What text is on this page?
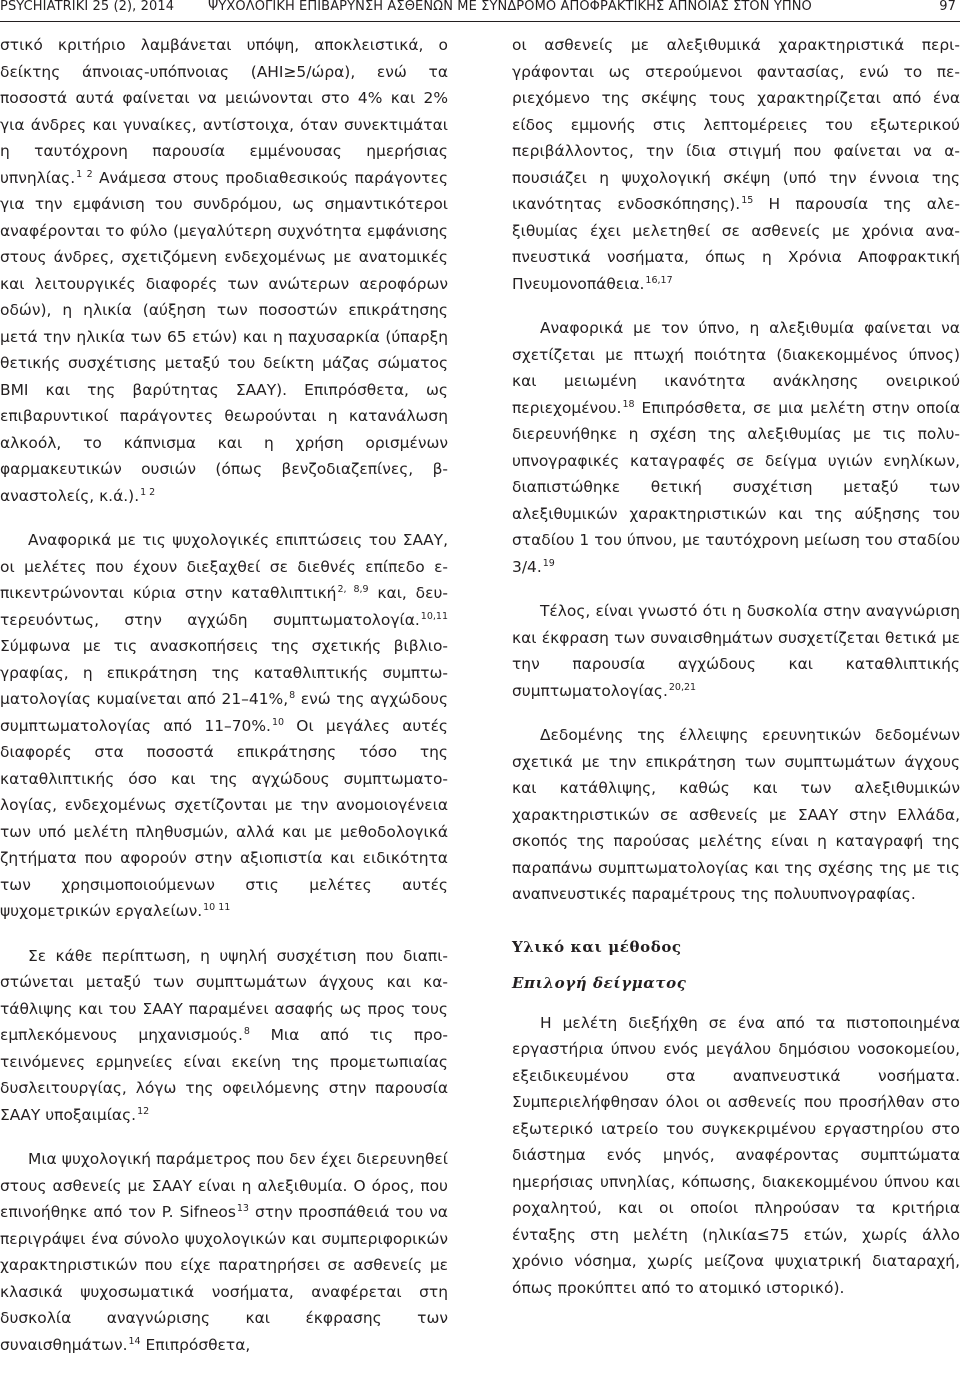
PSYCHIATRIKI 25 (2), 2014	ΨΥΧΟΛΟΓΙΚΗ ΕΠΙΒΑΡΥΝΣΗ ΑΣΘΕΝΩΝ ΜΕ ΣΥΝΔΡΟΜΟ ΑΠΟΦΡΑΚΤΙΚΗΣ ΑΠΝΟΙΑΣ ΣΤΟΝ ΥΠΝΟ	97

στικό κριτήριο λαμβάνεται υπόψη, αποκλειστικά, ο δείκτης άπνοιας-υπόπνοιας (AHI≥5/ώρα), ενώ τα ποσοστά αυτά φαίνεται να μειώνονται στο 4% και 2% για άνδρες και γυναίκες, αντίστοιχα, όταν συνεκτιμάται η ταυτόχρονη παρουσία εμμένουσας ημερήσιας υπνηλίας.$^{1 2}$ Ανάμεσα στους προδιαθεσικούς παράγοντες για την εμφάνιση του συνδρόμου, ως σημαντικότεροι αναφέρονται το φύλο (μεγαλύτερη συχνότητα εμφάνισης στους άνδρες, σχετιζόμενη ενδεχομένως με ανατομικές και λειτουργικές διαφορές των ανώτερων αεροφόρων οδών), η ηλικία (αύξηση των ποσοστών επικράτησης μετά την ηλικία των 65 ετών) και η παχυσαρκία (ύπαρξη θετικής συσχέτισης μεταξύ του δείκτη μάζας σώματος BMI και της βαρύτητας ΣΑΑΥ). Επιπρόσθετα, ως επιβαρυντικοί παράγοντες θεωρούνται η κατανάλωση αλκοόλ, το κάπνισμα και η χρήση ορισμένων φαρμακευτικών ουσιών (όπως βενζοδιαζεπίνες, β-αναστολείς, κ.ά.).$^{1 2}$

Αναφορικά με τις ψυχολογικές επιπτώσεις του ΣΑΑΥ, οι μελέτες που έχουν διεξαχθεί σε διεθνές επίπεδο επικεντρώνονται κύρια στην καταθλιπτική$^{2, 8,9}$ και, δευτερευόντως, στην αγχώδη συμπτωματολογία.$^{10,11}$ Σύμφωνα με τις ανασκοπήσεις της σχετικής βιβλιογραφίας, η επικράτηση της καταθλιπτικής συμπτωματολογίας κυμαίνεται από 21–41%,$^8$ ενώ της αγχώδους συμπτωματολογίας από 11–70%.$^{10}$ Οι μεγάλες αυτές διαφορές στα ποσοστά επικράτησης τόσο της καταθλιπτικής όσο και της αγχώδους συμπτωματολογίας, ενδεχομένως σχετίζονται με την ανομοιογένεια των υπό μελέτη πληθυσμών, αλλά και με μεθοδολογικά ζητήματα που αφορούν στην αξιοπιστία και ειδικότητα των χρησιμοποιούμενων στις μελέτες αυτές ψυχομετρικών εργαλείων.$^{10 11}$

Σε κάθε περίπτωση, η υψηλή συσχέτιση που διαπιστώνεται μεταξύ των συμπτωμάτων άγχους και κατάθλιψης και του ΣΑΑΥ παραμένει ασαφής ως προς τους εμπλεκόμενους μηχανισμούς.$^8$ Μια από τις προτεινόμενες ερμηνείες είναι εκείνη της προμετωπιαίας δυσλειτουργίας, λόγω της οφειλόμενης στην παρουσία ΣΑΑΥ υποξαιμίας.$^{12}$

Μια ψυχολογική παράμετρος που δεν έχει διερευνηθεί στους ασθενείς με ΣΑΑΥ είναι η αλεξιθυμία. Ο όρος, που επινοήθηκε από τον P. Sifneos$^{13}$ στην προσπάθειά του να περιγράψει ένα σύνολο ψυχολογικών και συμπεριφορικών χαρακτηριστικών που είχε παρατηρήσει σε ασθενείς με κλασικά ψυχοσωματικά νοσήματα, αναφέρεται στη δυσκολία αναγνώρισης και έκφρασης των συναισθημάτων.$^{14}$ Επιπρόσθετα,

οι ασθενείς με αλεξιθυμικά χαρακτηριστικά περιγράφονται ως στερούμενοι φαντασίας, ενώ το περιεχόμενο της σκέψης τους χαρακτηρίζεται από ένα είδος εμμονής στις λεπτομέρειες του εξωτερικού περιβάλλοντος, την ίδια στιγμή που φαίνεται να απουσιάζει η ψυχολογική σκέψη (υπό την έννοια της ικανότητας ενδοσκόπησης).$^{15}$ Η παρουσία της αλεξιθυμίας έχει μελετηθεί σε ασθενείς με χρόνια αναπνευστικά νοσήματα, όπως η Χρόνια Αποφρακτική Πνευμονοπάθεια.$^{16,17}$

Αναφορικά με τον ύπνο, η αλεξιθυμία φαίνεται να σχετίζεται με πτωχή ποιότητα (διακεκομμένος ύπνος) και μειωμένη ικανότητα ανάκλησης ονειρικού περιεχομένου.$^{18}$ Επιπρόσθετα, σε μια μελέτη στην οποία διερευνήθηκε η σχέση της αλεξιθυμίας με τις πολυ-υπνογραφικές καταγραφές σε δείγμα υγιών ενηλίκων, διαπιστώθηκε θετική συσχέτιση μεταξύ των αλεξιθυμικών χαρακτηριστικών και της αύξησης του σταδίου 1 του ύπνου, με ταυτόχρονη μείωση του σταδίου 3/4.19

Τέλος, είναι γνωστό ότι η δυσκολία στην αναγνώριση και έκφραση των συναισθημάτων συσχετίζεται θετικά με την παρουσία αγχώδους και καταθλιπτικής συμπτωματολογίας.$^{20,21}$

Δεδομένης της έλλειψης ερευνητικών δεδομένων σχετικά με την επικράτηση των συμπτωμάτων άγχους και κατάθλιψης, καθώς και των αλεξιθυμικών χαρακτηριστικών σε ασθενείς με ΣΑΑΥ στην Ελλάδα, σκοπός της παρούσας μελέτης είναι η καταγραφή της παραπάνω συμπτωματολογίας και της σχέσης της με τις αναπνευστικές παραμέτρους της πολυυπνογραφίας.

Υλικό και μέθοδος
Επιλογή δείγματος

Η μελέτη διεξήχθη σε ένα από τα πιστοποιημένα εργαστήρια ύπνου ενός μεγάλου δημόσιου νοσοκομείου, εξειδικευμένου στα αναπνευστικά νοσήματα. Συμπεριελήφθησαν όλοι οι ασθενείς που προσήλθαν στο εξωτερικό ιατρείο του συγκεκριμένου εργαστηρίου στο διάστημα ενός μηνός, αναφέροντας συμπτώματα ημερήσιας υπνηλίας, κόπωσης, διακεκομμένου ύπνου και ροχαλητού, και οι οποίοι πληρούσαν τα κριτήρια ένταξης στη μελέτη (ηλικία≤75 ετών, χωρίς άλλο χρόνιο νόσημα, χωρίς μείζονα ψυχιατρική διαταραχή, όπως προκύπτει από το ατομικό ιστορικό).
